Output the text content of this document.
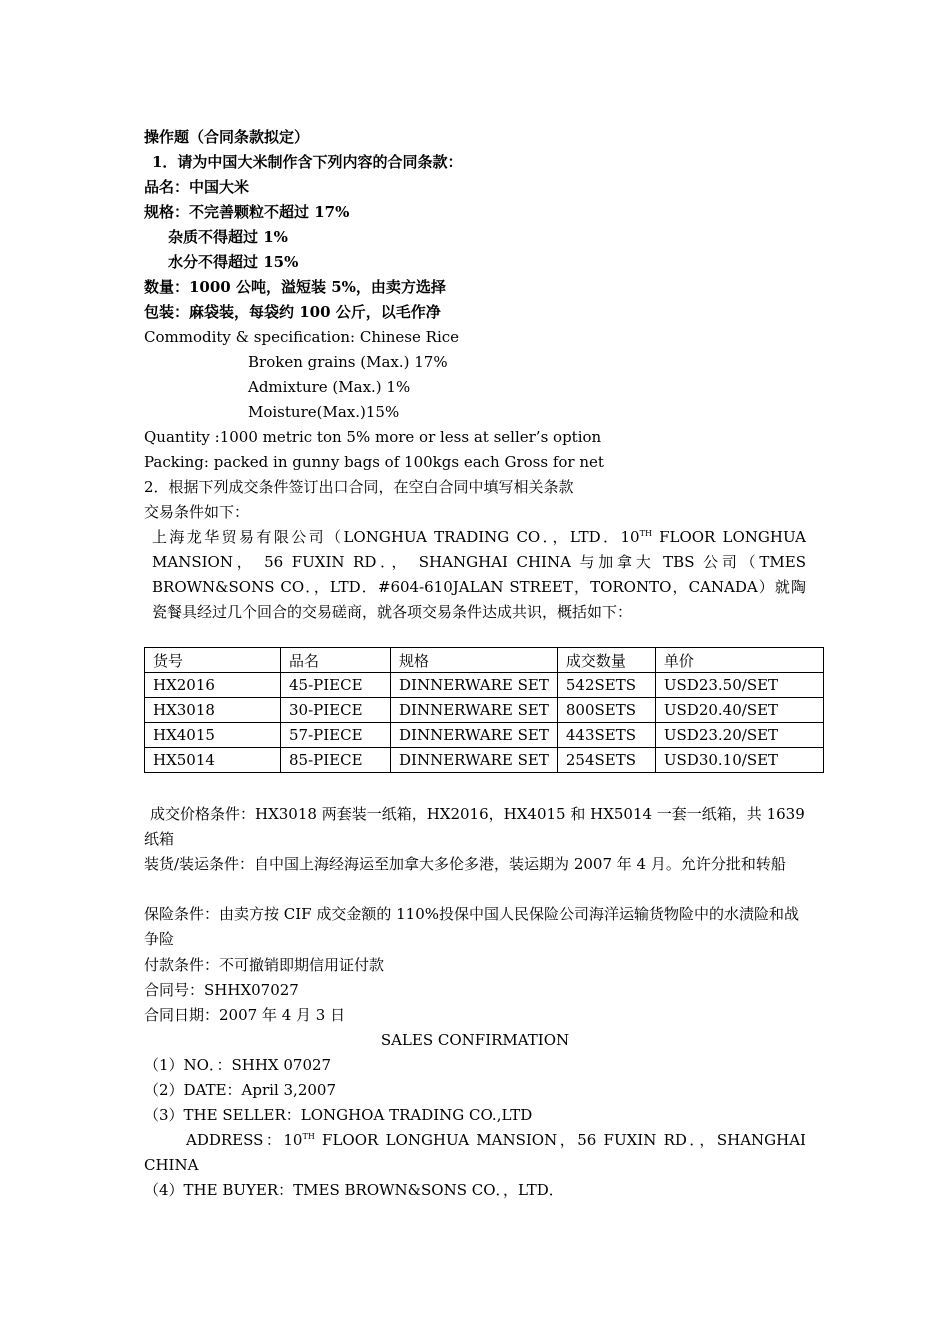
操作题（合同条款拟定）
1．请为中国大米制作含下列内容的合同条款：
品名：中国大米
规格：不完善颗粒不超过 17%
杂质不得超过 1%
水分不得超过 15%
数量：1000 公吨，溢短装 5%，由卖方选择
包装：麻袋装，每袋约 100 公斤，以毛作净
Commodity & specification: Chinese Rice
Broken grains (Max.) 17%
Admixture (Max.) 1%
Moisture(Max.)15%
Quantity :1000 metric ton 5% more or less at seller’s option
Packing: packed in gunny bags of 100kgs each Gross for net
2．根据下列成交条件签订出口合同，在空白合同中填写相关条款
交易条件如下：
上海龙华贸易有限公司（LONGHUA TRADING CO．，LTD．10TH FLOOR LONGHUA
MANSION， 56 FUXIN RD．， SHANGHAI CHINA 与加拿大 TBS 公司（TMES
BROWN&SONS CO．，LTD．#604-610JALAN STREET，TORONTO，CANADA）就陶
瓷餐具经过几个回合的交易磋商，就各项交易条件达成共识，概括如下：
货号	品名	规格	成交数量	单价
HX2016	45-PIECE	DINNERWARE SET	542SETS	USD23.50/SET
HX3018	30-PIECE	DINNERWARE SET	800SETS	USD20.40/SET
HX4015	57-PIECE	DINNERWARE SET	443SETS	USD23.20/SET
HX5014	85-PIECE	DINNERWARE SET	254SETS	USD30.10/SET
成交价格条件：HX3018 两套装一纸箱，HX2016，HX4015 和 HX5014 一套一纸箱，共 1639 纸箱
装货/装运条件：自中国上海经海运至加拿大多伦多港，装运期为 2007 年 4 月。允许分批和转船
保险条件：由卖方按 CIF 成交金额的 110%投保中国人民保险公司海洋运输货物险中的水渍险和战争险
付款条件：不可撤销即期信用证付款
合同号：SHHX07027
合同日期：2007 年 4 月 3 日
SALES CONFIRMATION
（1）NO．：SHHX 07027
（2）DATE：April 3,2007
（3）THE SELLER：LONGHOA TRADING CO.,LTD
ADDRESS：10TH FLOOR LONGHUA MANSION，56 FUXIN RD．，SHANGHAI
CHINA
（4）THE BUYER：TMES BROWN&SONS CO．，LTD．
